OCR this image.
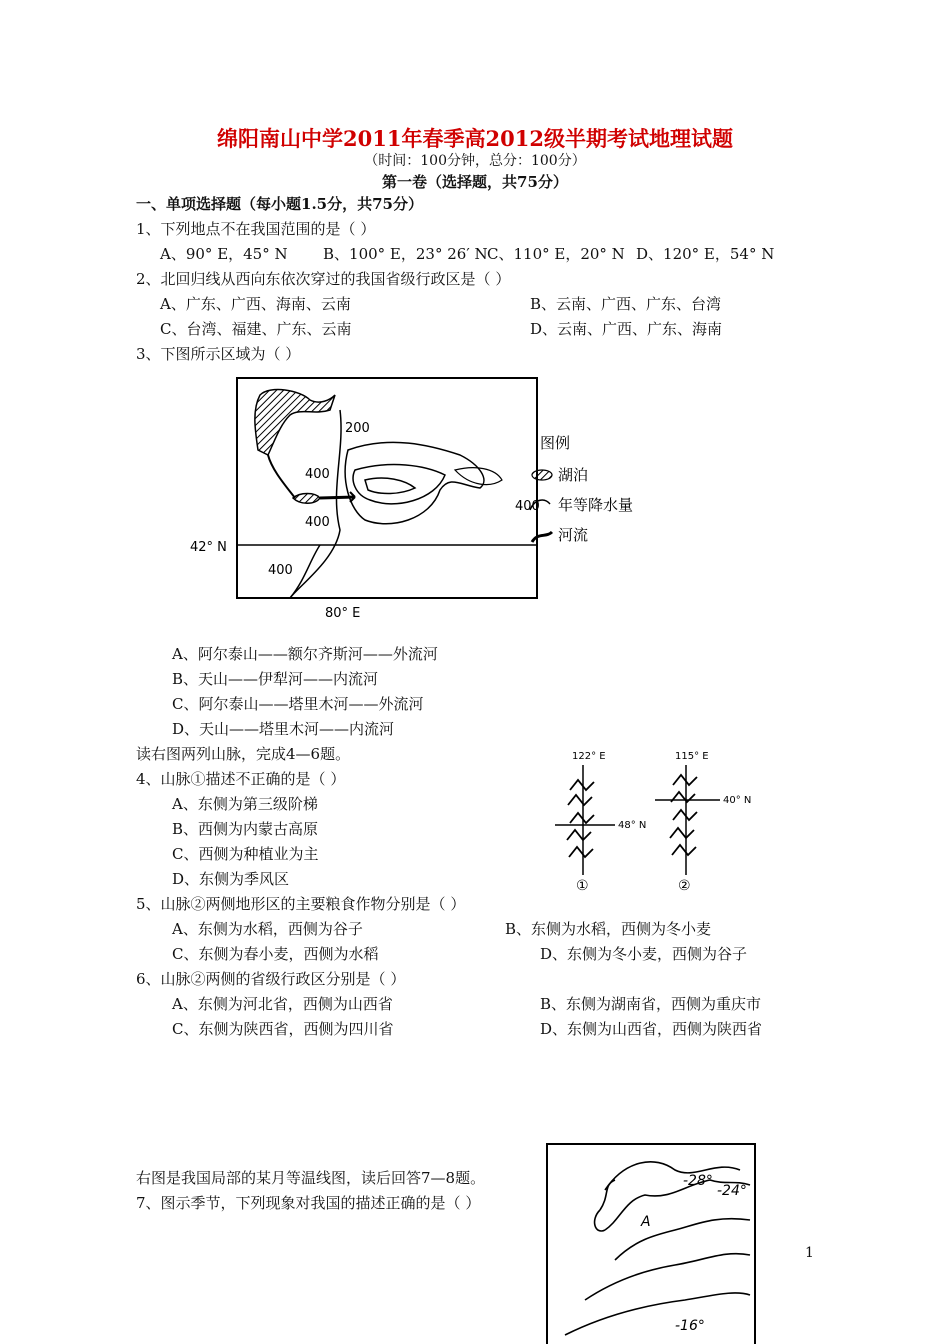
绵阳南山中学2011年春季高2012级半期考试地理试题
（时间：100分钟，总分：100分）
第一卷（选择题，共75分）
一、单项选择题（每小题1.5分，共75分）
1、下列地点不在我国范围的是（ ）
A、90° E，45° N B、100° E，23° 26′ N C、110° E，20° N D、120° E，54° N
2、北回归线从西向东依次穿过的我国省级行政区是（ ）
A、广东、广西、海南、云南	B、云南、广西、广东、台湾
C、台湾、福建、广东、云南	D、云南、广西、广东、海南
3、下图所示区域为（ ）
200
400
400
400
400
42° N
80° E
图例
湖泊
年等降水量
河流
A、阿尔泰山——额尔齐斯河——外流河
B、天山——伊犁河——内流河
C、阿尔泰山——塔里木河——外流河
D、天山——塔里木河——内流河
读右图两列山脉，完成4—6题。
4、山脉①描述不正确的是（ ）
A、东侧为第三级阶梯
B、西侧为内蒙古高原
C、西侧为种植业为主
D、东侧为季风区
122° E
48° N
①
115° E
40° N
②
5、山脉②两侧地形区的主要粮食作物分别是（ ）
A、东侧为水稻，西侧为谷子	B、东侧为水稻，西侧为冬小麦
C、东侧为春小麦，西侧为水稻	D、东侧为冬小麦，西侧为谷子
6、山脉②两侧的省级行政区分别是（ ）
A、东侧为河北省，西侧为山西省	B、东侧为湖南省，西侧为重庆市
C、东侧为陕西省，西侧为四川省	D、东侧为山西省，西侧为陕西省
右图是我国局部的某月等温线图，读后回答7—8题。
7、图示季节，下列现象对我国的描述正确的是（ ）
-28°
-24°
A
-16°
1
